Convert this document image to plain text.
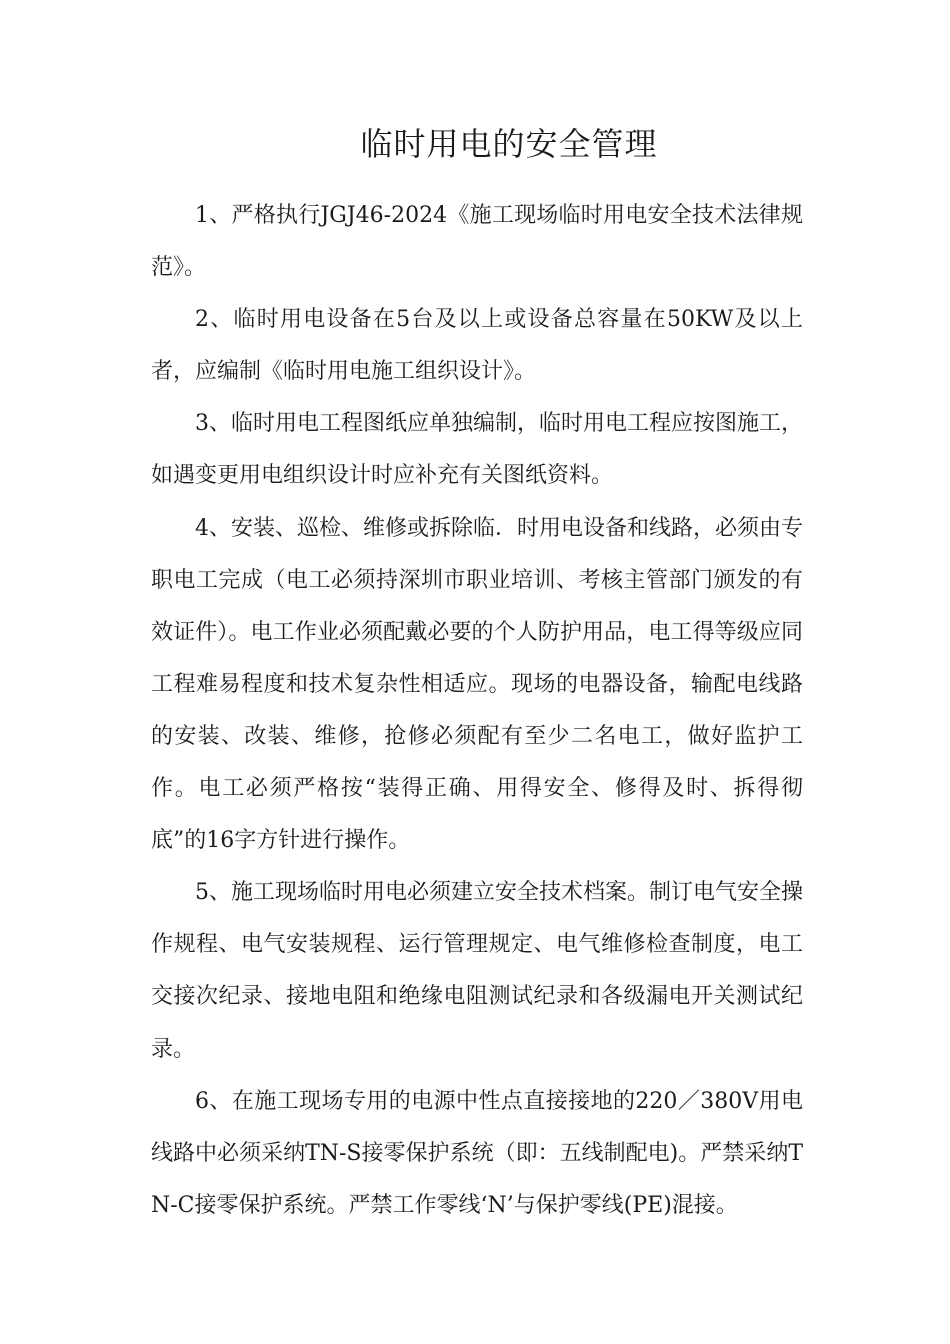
临时用电的安全管理

1、严格执行JGJ46-2024《施工现场临时用电安全技术法律规范》。

2、临时用电设备在5台及以上或设备总容量在50KW及以上者，应编制《临时用电施工组织设计》。

3、临时用电工程图纸应单独编制，临时用电工程应按图施工，如遇变更用电组织设计时应补充有关图纸资料。

4、安装、巡检、维修或拆除临．时用电设备和线路，必须由专职电工完成（电工必须持深圳市职业培训、考核主管部门颁发的有效证件）。电工作业必须配戴必要的个人防护用品，电工得等级应同工程难易程度和技术复杂性相适应。现场的电器设备，输配电线路的安装、改装、维修，抢修必须配有至少二名电工，做好监护工作。电工必须严格按“装得正确、用得安全、修得及时、拆得彻底”的16字方针进行操作。

5、施工现场临时用电必须建立安全技术档案。制订电气安全操作规程、电气安装规程、运行管理规定、电气维修检查制度，电工交接次纪录、接地电阻和绝缘电阻测试纪录和各级漏电开关测试纪录。

6、在施工现场专用的电源中性点直接接地的220／380V用电线路中必须采纳TN-S接零保护系统（即：五线制配电)。严禁采纳TN-C接零保护系统。严禁工作零线‘N’与保护零线(PE)混接。
